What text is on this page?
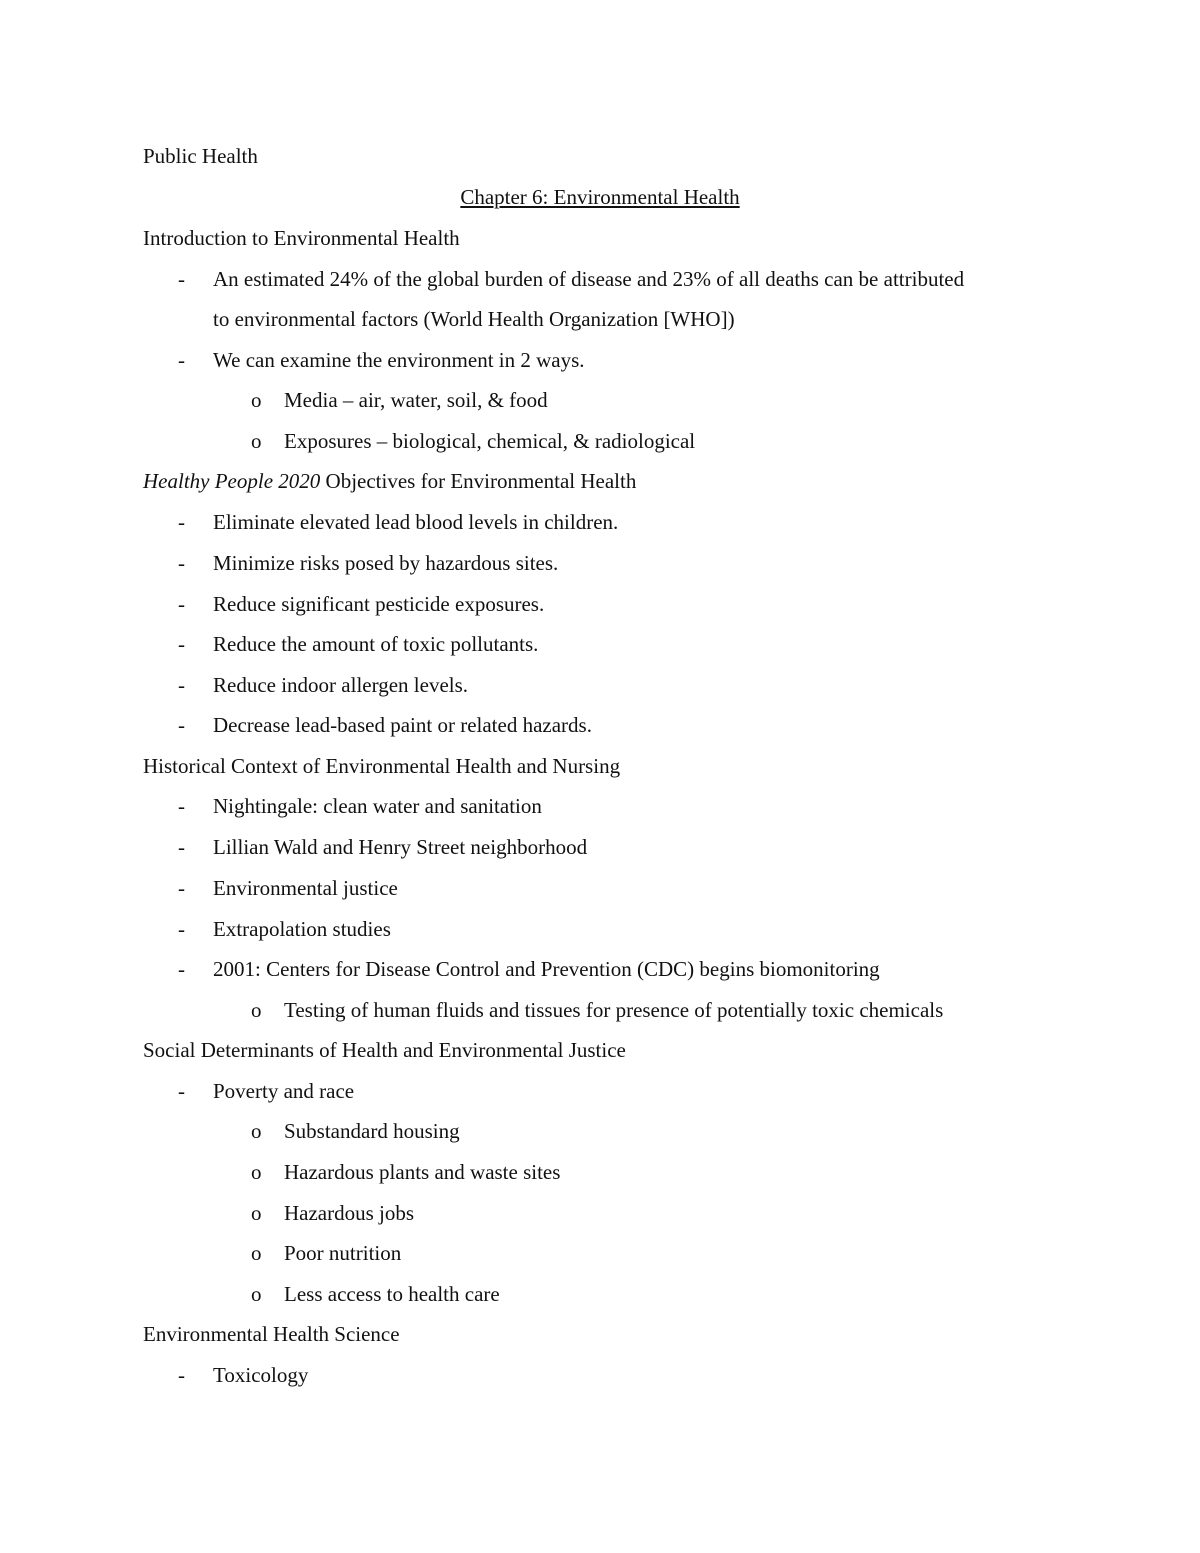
Public Health
Chapter 6: Environmental Health
Introduction to Environmental Health
- An estimated 24% of the global burden of disease and 23% of all deaths can be attributed
to environmental factors (World Health Organization [WHO])
- We can examine the environment in 2 ways.
o Media – air, water, soil, & food
o Exposures – biological, chemical, & radiological
Healthy People 2020 Objectives for Environmental Health
- Eliminate elevated lead blood levels in children.
- Minimize risks posed by hazardous sites.
- Reduce significant pesticide exposures.
- Reduce the amount of toxic pollutants.
- Reduce indoor allergen levels.
- Decrease lead-based paint or related hazards.
Historical Context of Environmental Health and Nursing
- Nightingale: clean water and sanitation
- Lillian Wald and Henry Street neighborhood
- Environmental justice
- Extrapolation studies
- 2001: Centers for Disease Control and Prevention (CDC) begins biomonitoring
o Testing of human fluids and tissues for presence of potentially toxic chemicals
Social Determinants of Health and Environmental Justice
- Poverty and race
o Substandard housing
o Hazardous plants and waste sites
o Hazardous jobs
o Poor nutrition
o Less access to health care
Environmental Health Science
- Toxicology
